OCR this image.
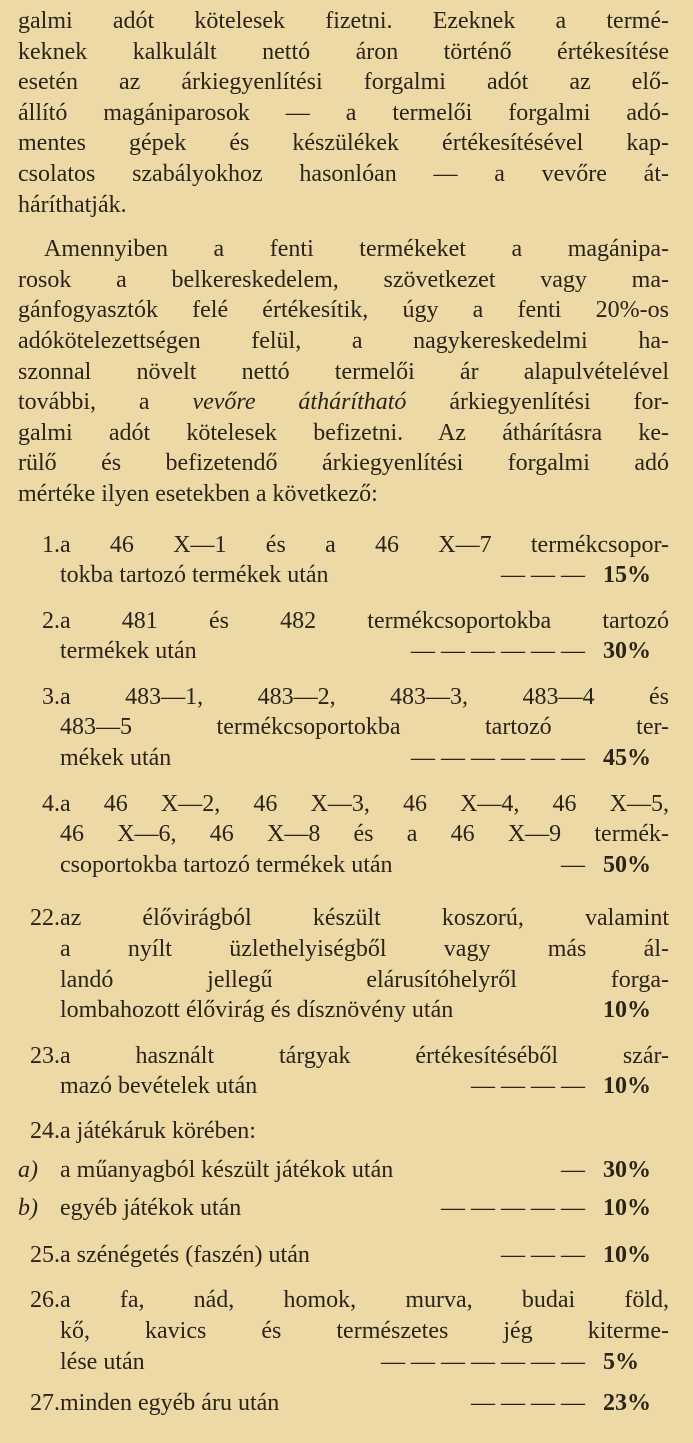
galmi adót kötelesek fizetni. Ezeknek a termé-
keknek kalkulált nettó áron történő értékesítése
esetén az árkiegyenlítési forgalmi adót az elő-
állító magániparosok — a termelői forgalmi adó-
mentes gépek és készülékek értékesítésével kap-
csolatos szabályokhoz hasonlóan — a vevőre át-
háríthatják.
Amennyiben a fenti termékeket a magánipa-
rosok a belkereskedelem, szövetkezet vagy ma-
gánfogyasztók felé értékesítik, úgy a fenti 20%-os
adókötelezettségen felül, a nagykereskedelmi ha-
szonnal növelt nettó termelői ár alapulvételével
további, a vevőre áthárítható árkiegyenlítési for-
galmi adót kötelesek befizetni. Az áthárításra ke-
rülő és befizetendő árkiegyenlítési forgalmi adó
mértéke ilyen esetekben a következő:
1. a 46 X—1 és a 46 X—7 termékcsopor-
tokba tartozó termékek után	— — — 15%
2. a 481 és 482 termékcsoportokba tartozó
termékek után	— — — — — — 30%
3. a 483—1, 483—2, 483—3, 483—4 és
483—5 termékcsoportokba tartozó ter-
mékek után	— — — — — — 45%
4. a 46 X—2, 46 X—3, 46 X—4, 46 X—5,
46 X—6, 46 X—8 és a 46 X—9 termék-
csoportokba tartozó termékek után	— 50%
22. az élővirágból készült koszorú, valamint
a nyílt üzlethelyiségből vagy más ál-
landó jellegű elárusítóhelyről forga-
lombahozott élővirág és dísznövény után	10%
23. a használt tárgyak értékesítéséből szár-
mazó bevételek után	— — — — 10%
24. a játékáruk körében:
a) a műanyagból készült játékok után	— 30%
b) egyéb játékok után	— — — — — 10%
25. a szénégetés (faszén) után	— — — 10%
26. a fa, nád, homok, murva, budai föld,
kő, kavics és természetes jég kiterme-
lése után	— — — — — — — 5%
27. minden egyéb áru után	— — — — 23%
